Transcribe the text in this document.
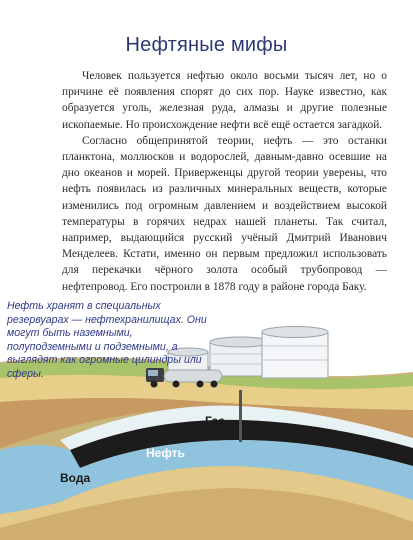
Нефтяные мифы

Человек пользуется нефтью около восьми тысяч лет, но о причине её появления спорят до сих пор. Науке известно, как образуется уголь, железная руда, алмазы и другие полезные ископаемые. Но происхождение нефти всё ещё остается загадкой.

Согласно общепринятой теории, нефть — это останки планктона, моллюсков и водорослей, давным-давно осевшие на дно океанов и морей. Приверженцы другой теории уверены, что нефть появилась из различных минеральных веществ, которые изменились под огромным давлением и воздействием высокой температуры в горячих недрах нашей планеты. Так считал, например, выдающийся русский учёный Дмитрий Иванович Менделеев. Кстати, именно он первым предложил использовать для перекачки чёрного золота особый трубопровод — нефтепровод. Его построили в 1878 году в районе города Баку.

Газ
Нефть
Вода
Нефть хранят в специальных резервуарах — нефтехранилищах. Они могут быть наземными, полуподземными и подземными, а выглядят как огромные цилиндры или сферы.
